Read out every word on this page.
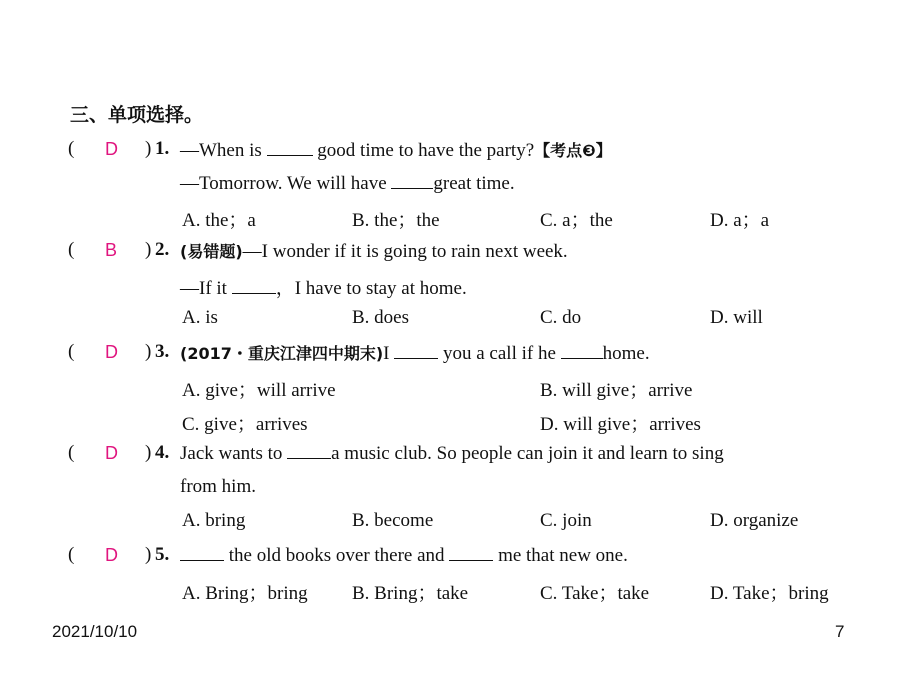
三、单项选择。
( D ) 1. —When is  good time to have the party?【考点❸】
—Tomorrow. We will have great time.
A. the；a	B. the；the	C. a；the	D. a；a
( B ) 2. (易错题)—I wonder if it is going to rain next week.
—If it ，I have to stay at home.
A. is	B. does	C. do	D. will
( D ) 3. (2017・重庆江津四中期末)I  you a call if he home.
A. give；will arrive	B. will give；arrive
C. give；arrives	D. will give；arrives
( D ) 4. Jack wants to a music club. So people can join it and learn to sing
from him.
A. bring	B. become	C. join	D. organize
( D ) 5.	the old books over there and  me that new one.
A. Bring；bring B. Bring；take	C. Take；take	D. Take；bring
2021/10/10	7
